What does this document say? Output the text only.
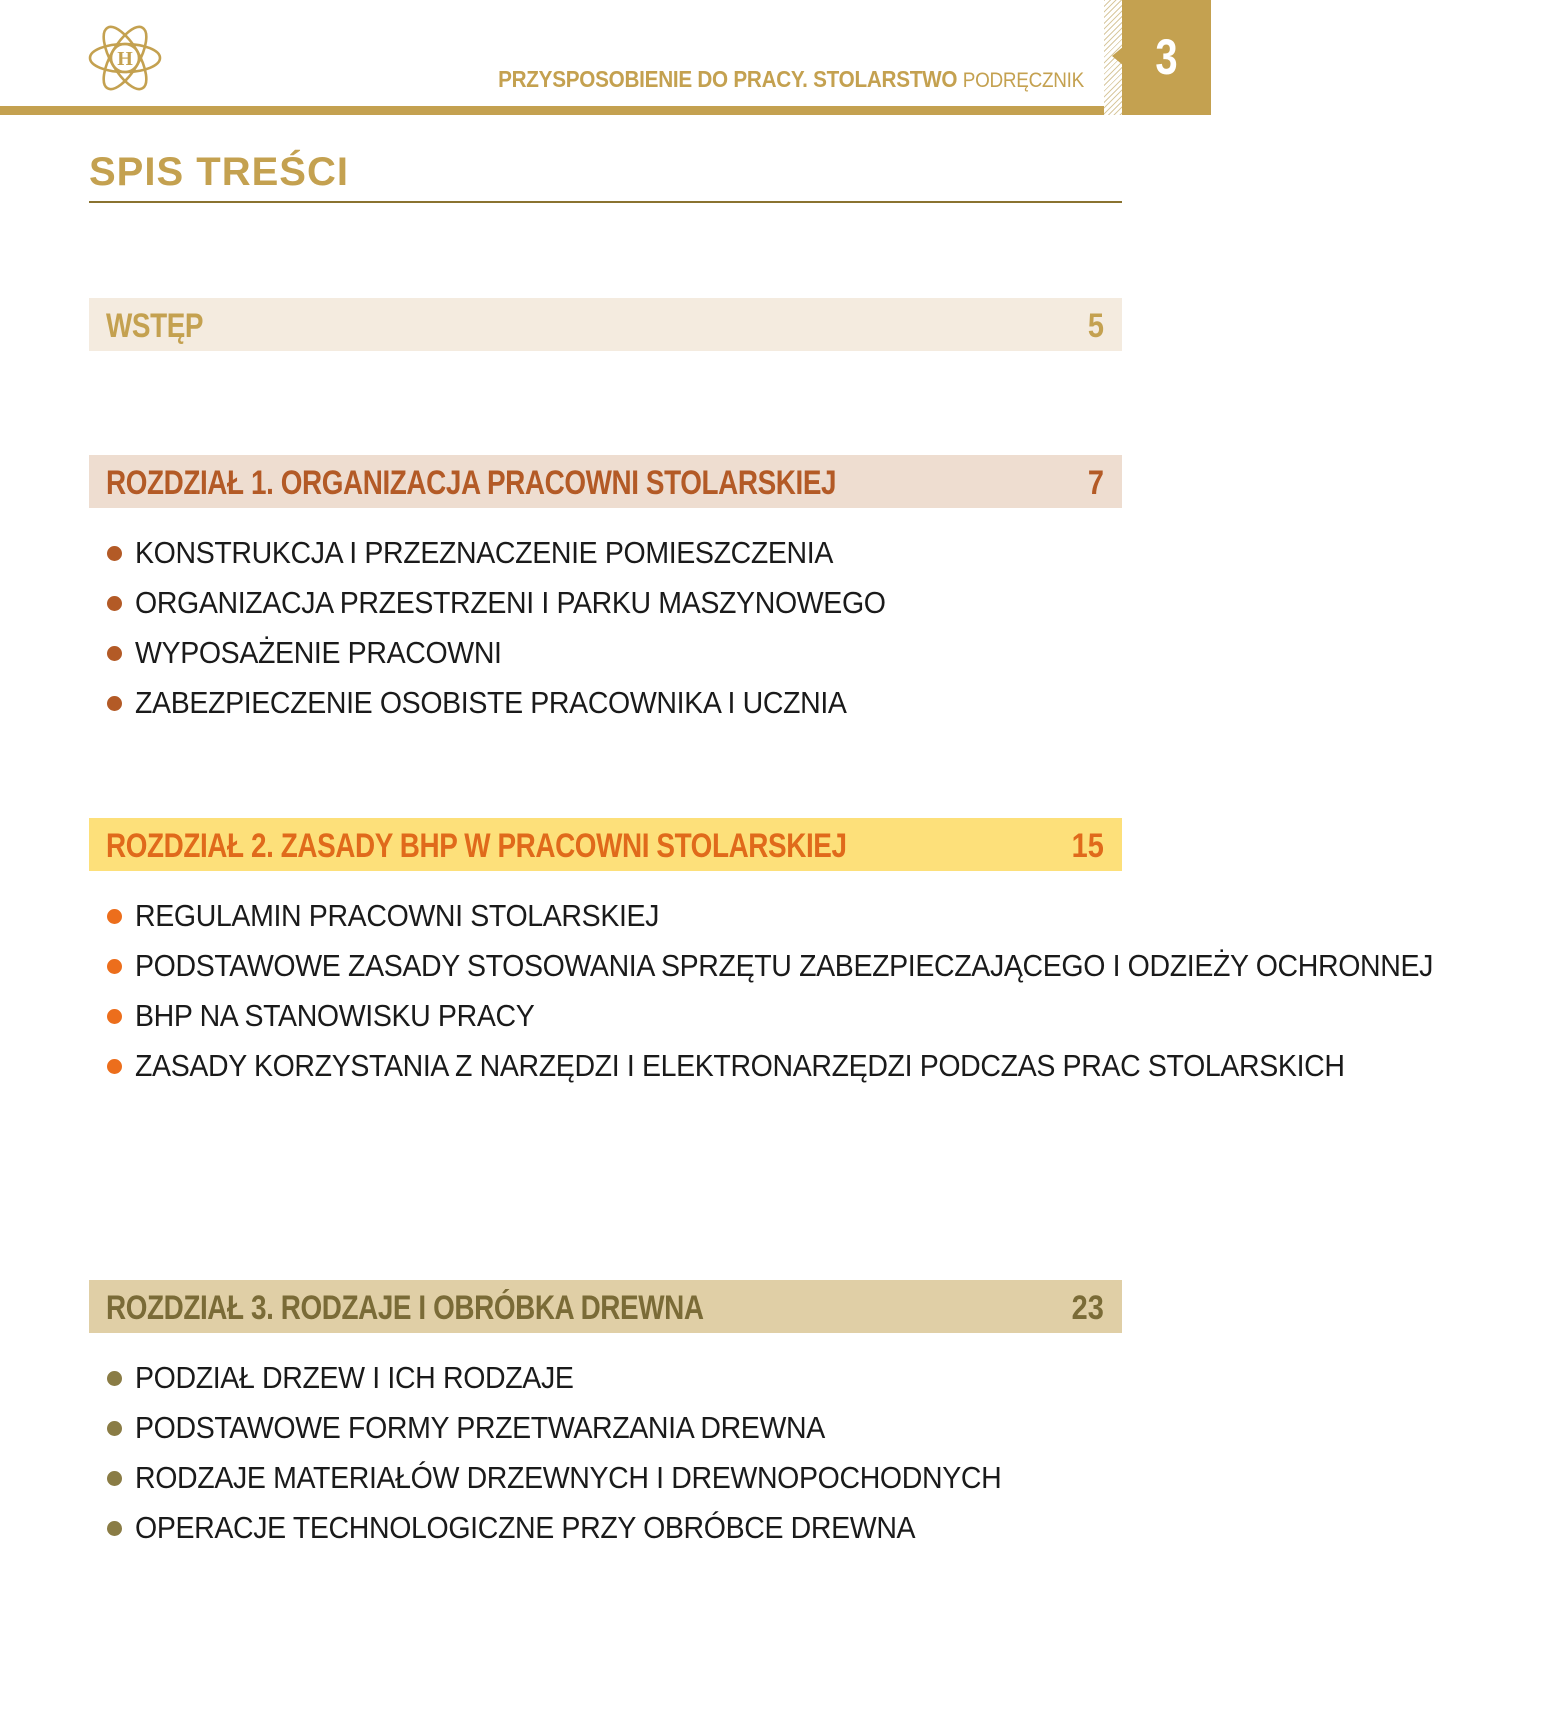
H
PRZYSPOSOBIENIE DO PRACY. STOLARSTWO PODRĘCZNIK	3
SPIS TREŚCI
WSTĘP	5
ROZDZIAŁ 1. ORGANIZACJA PRACOWNI STOLARSKIEJ	7
KONSTRUKCJA I PRZEZNACZENIE POMIESZCZENIA
ORGANIZACJA PRZESTRZENI I PARKU MASZYNOWEGO
WYPOSAŻENIE PRACOWNI
ZABEZPIECZENIE OSOBISTE PRACOWNIKA I UCZNIA
ROZDZIAŁ 2. ZASADY BHP W PRACOWNI STOLARSKIEJ	15
REGULAMIN PRACOWNI STOLARSKIEJ
PODSTAWOWE ZASADY STOSOWANIA SPRZĘTU ZABEZPIECZAJĄCEGO I ODZIEŻY OCHRONNEJ
BHP NA STANOWISKU PRACY
ZASADY KORZYSTANIA Z NARZĘDZI I ELEKTRONARZĘDZI PODCZAS PRAC STOLARSKICH
ROZDZIAŁ 3. RODZAJE I OBRÓBKA DREWNA	23
PODZIAŁ DRZEW I ICH RODZAJE
PODSTAWOWE FORMY PRZETWARZANIA DREWNA
RODZAJE MATERIAŁÓW DRZEWNYCH I DREWNOPOCHODNYCH
OPERACJE TECHNOLOGICZNE PRZY OBRÓBCE DREWNA
